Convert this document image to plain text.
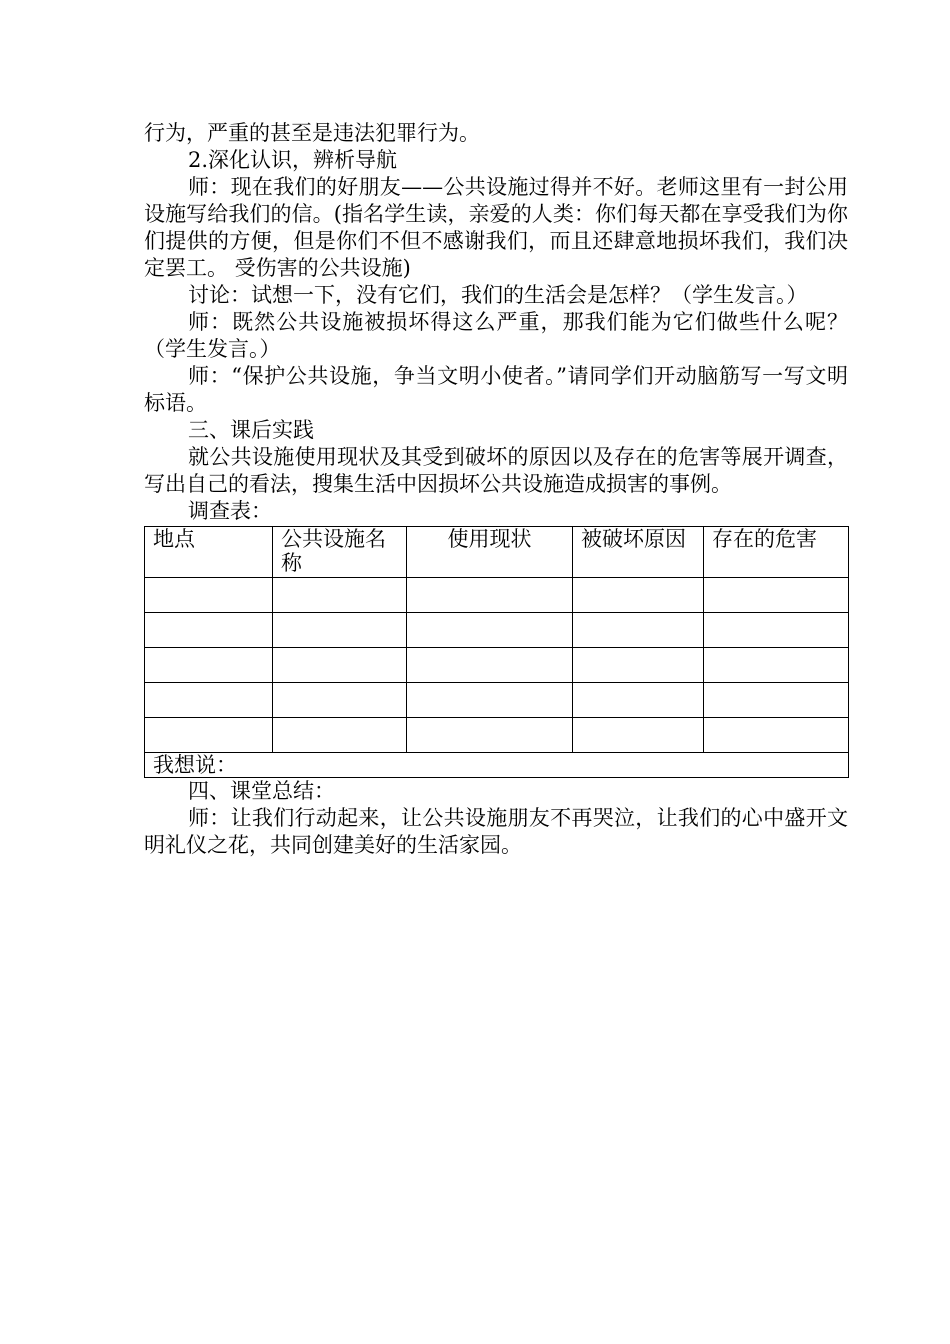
行为，严重的甚至是违法犯罪行为。

2.深化认识，辨析导航

师：现在我们的好朋友——公共设施过得并不好。老师这里有一封公用设施写给我们的信。(指名学生读，亲爱的人类：你们每天都在享受我们为你们提供的方便，但是你们不但不感谢我们，而且还肆意地损坏我们，我们决定罢工。 受伤害的公共设施)

讨论：试想一下，没有它们，我们的生活会是怎样？（学生发言。）

师：既然公共设施被损坏得这么严重，那我们能为它们做些什么呢？（学生发言。）

师：“保护公共设施，争当文明小使者。”请同学们开动脑筋写一写文明标语。

三、课后实践

就公共设施使用现状及其受到破坏的原因以及存在的危害等展开调查，写出自己的看法，搜集生活中因损坏公共设施造成损害的事例。

调查表：

地点	公共设施名称	使用现状	被破坏原因	存在的危害

我想说：				

四、课堂总结：

师：让我们行动起来，让公共设施朋友不再哭泣，让我们的心中盛开文明礼仪之花，共同创建美好的生活家园。
